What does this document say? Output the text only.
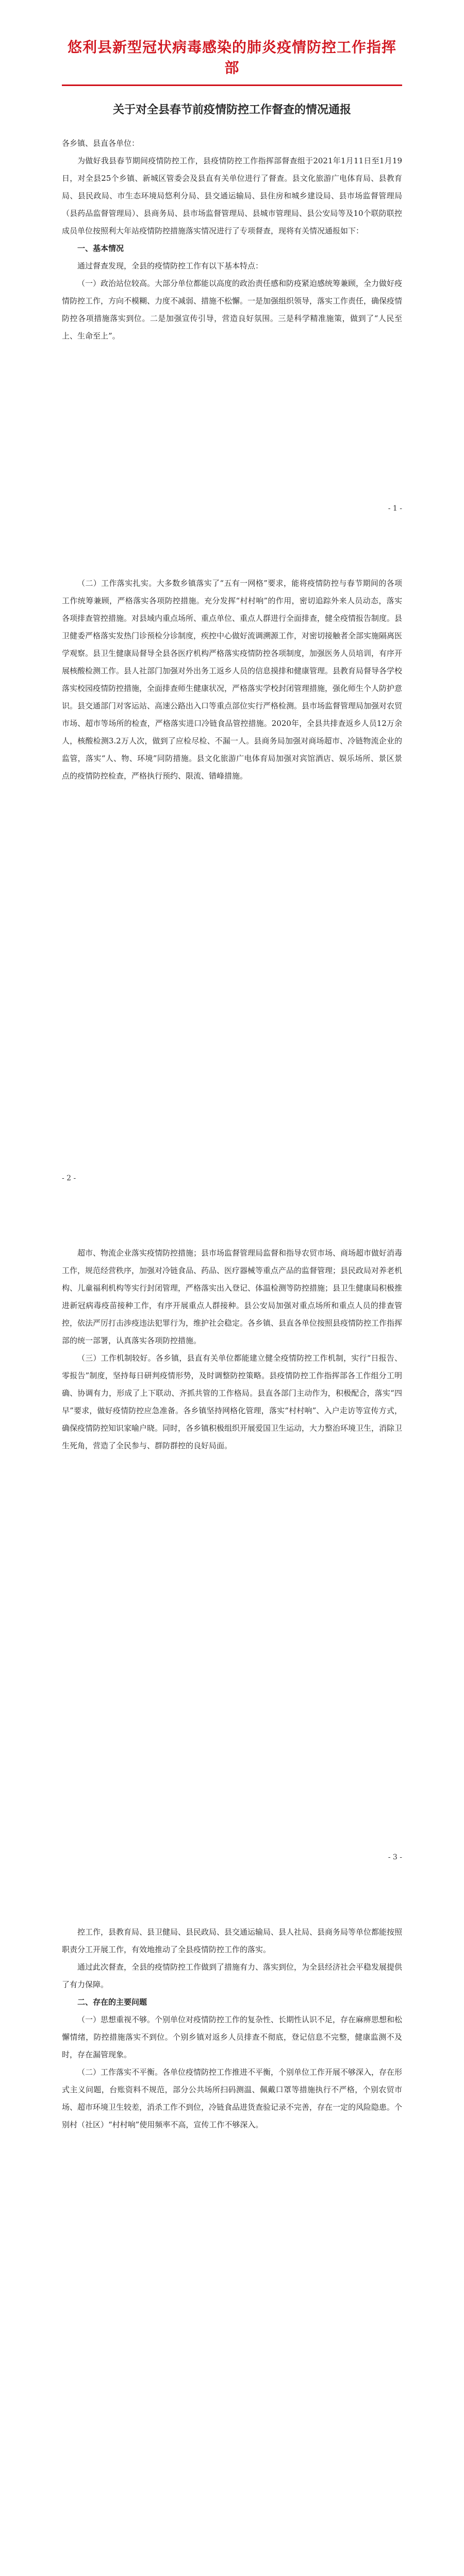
悠利县新型冠状病毒感染的肺炎疫情防控工作指挥部
关于对全县春节前疫情防控工作督查的情况通报

各乡镇、县直各单位：

为做好我县春节期间疫情防控工作，县疫情防控工作指挥部督查组于2021年1月11日至1月19日，对全县25个乡镇、新城区管委会及县直有关单位进行了督查。县文化旅游广电体育局、县教育局、县民政局、市生态环境局悠利分局、县交通运输局、县住房和城乡建设局、县市场监督管理局（县药品监督管理局）、县商务局、县市场监督管理局、县城市管理局、县公安局等及10个联防联控成员单位按照利大年站疫情防控措施落实情况进行了专项督查，现将有关情况通报如下：

一、基本情况

通过督查发现，全县的疫情防控工作有以下基本特点：

（一）政治站位较高。大部分单位都能以高度的政治责任感和防疫紧迫感统筹兼顾，全力做好疫情防控工作，方向不模糊、力度不减弱、措施不松懈。一是加强组织领导，落实工作责任，确保疫情防控各项措施落实到位。二是加强宣传引导，营造良好氛围。三是科学精准施策，做到了“人民至上、生命至上”。

- 1 -

（二）工作落实扎实。大多数乡镇落实了“五有一网格”要求，能将疫情防控与春节期间的各项工作统筹兼顾，严格落实各项防控措施。充分发挥“村村响”的作用，密切追踪外来人员动态，落实各项排查管控措施。对县域内重点场所、重点单位、重点人群进行全面排查，健全疫情报告制度。县卫健委严格落实发热门诊预检分诊制度，疾控中心做好流调溯源工作，对密切接触者全部实施隔离医学观察。县卫生健康局督导全县各医疗机构严格落实疫情防控各项制度，加强医务人员培训，有序开展核酸检测工作。县人社部门加强对外出务工返乡人员的信息摸排和健康管理。县教育局督导各学校落实校园疫情防控措施，全面排查师生健康状况，严格落实学校封闭管理措施，强化师生个人防护意识。县交通部门对客运站、高速公路出入口等重点部位实行严格检测。县市场监督管理局加强对农贸市场、超市等场所的检查，严格落实进口冷链食品管控措施。2020年，全县共排查返乡人员12万余人，核酸检测3.2万人次，做到了应检尽检、不漏一人。县商务局加强对商场超市、冷链物流企业的监管，落实“人、物、环境”同防措施。县文化旅游广电体育局加强对宾馆酒店、娱乐场所、景区景点的疫情防控检查，严格执行预约、限流、错峰措施。

- 2 -

超市、物流企业落实疫情防控措施；县市场监督管理局监督和指导农贸市场、商场超市做好消毒工作，规范经营秩序，加强对冷链食品、药品、医疗器械等重点产品的监督管理；县民政局对养老机构、儿童福利机构等实行封闭管理，严格落实出入登记、体温检测等防控措施；县卫生健康局积极推进新冠病毒疫苗接种工作，有序开展重点人群接种。县公安局加强对重点场所和重点人员的排查管控，依法严厉打击涉疫违法犯罪行为，维护社会稳定。各乡镇、县直各单位按照县疫情防控工作指挥部的统一部署，认真落实各项防控措施。

（三）工作机制较好。各乡镇，县直有关单位都能建立健全疫情防控工作机制，实行“日报告、零报告”制度，坚持每日研判疫情形势，及时调整防控策略。县疫情防控工作指挥部各工作组分工明确、协调有力，形成了上下联动、齐抓共管的工作格局。县直各部门主动作为，积极配合，落实“四早”要求，做好疫情防控应急准备。各乡镇坚持网格化管理，落实“村村响”、入户走访等宣传方式，确保疫情防控知识家喻户晓。同时，各乡镇积极组织开展爱国卫生运动，大力整治环境卫生，消除卫生死角，营造了全民参与、群防群控的良好局面。

- 3 -

控工作，县教育局、县卫健局、县民政局、县交通运输局、县人社局、县商务局等单位都能按照职责分工开展工作，有效地推动了全县疫情防控工作的落实。

通过此次督查，全县的疫情防控工作做到了措施有力、落实到位，为全县经济社会平稳发展提供了有力保障。

二、存在的主要问题

（一）思想重视不够。个别单位对疫情防控工作的复杂性、长期性认识不足，存在麻痹思想和松懈情绪，防控措施落实不到位。个别乡镇对返乡人员排查不彻底，登记信息不完整，健康监测不及时，存在漏管现象。

（二）工作落实不平衡。各单位疫情防控工作推进不平衡，个别单位工作开展不够深入，存在形式主义问题，台账资料不规范，部分公共场所扫码测温、佩戴口罩等措施执行不严格，个别农贸市场、超市环境卫生较差，消杀工作不到位，冷链食品进货查验记录不完善，存在一定的风险隐患。个别村（社区）“村村响”使用频率不高，宣传工作不够深入。
